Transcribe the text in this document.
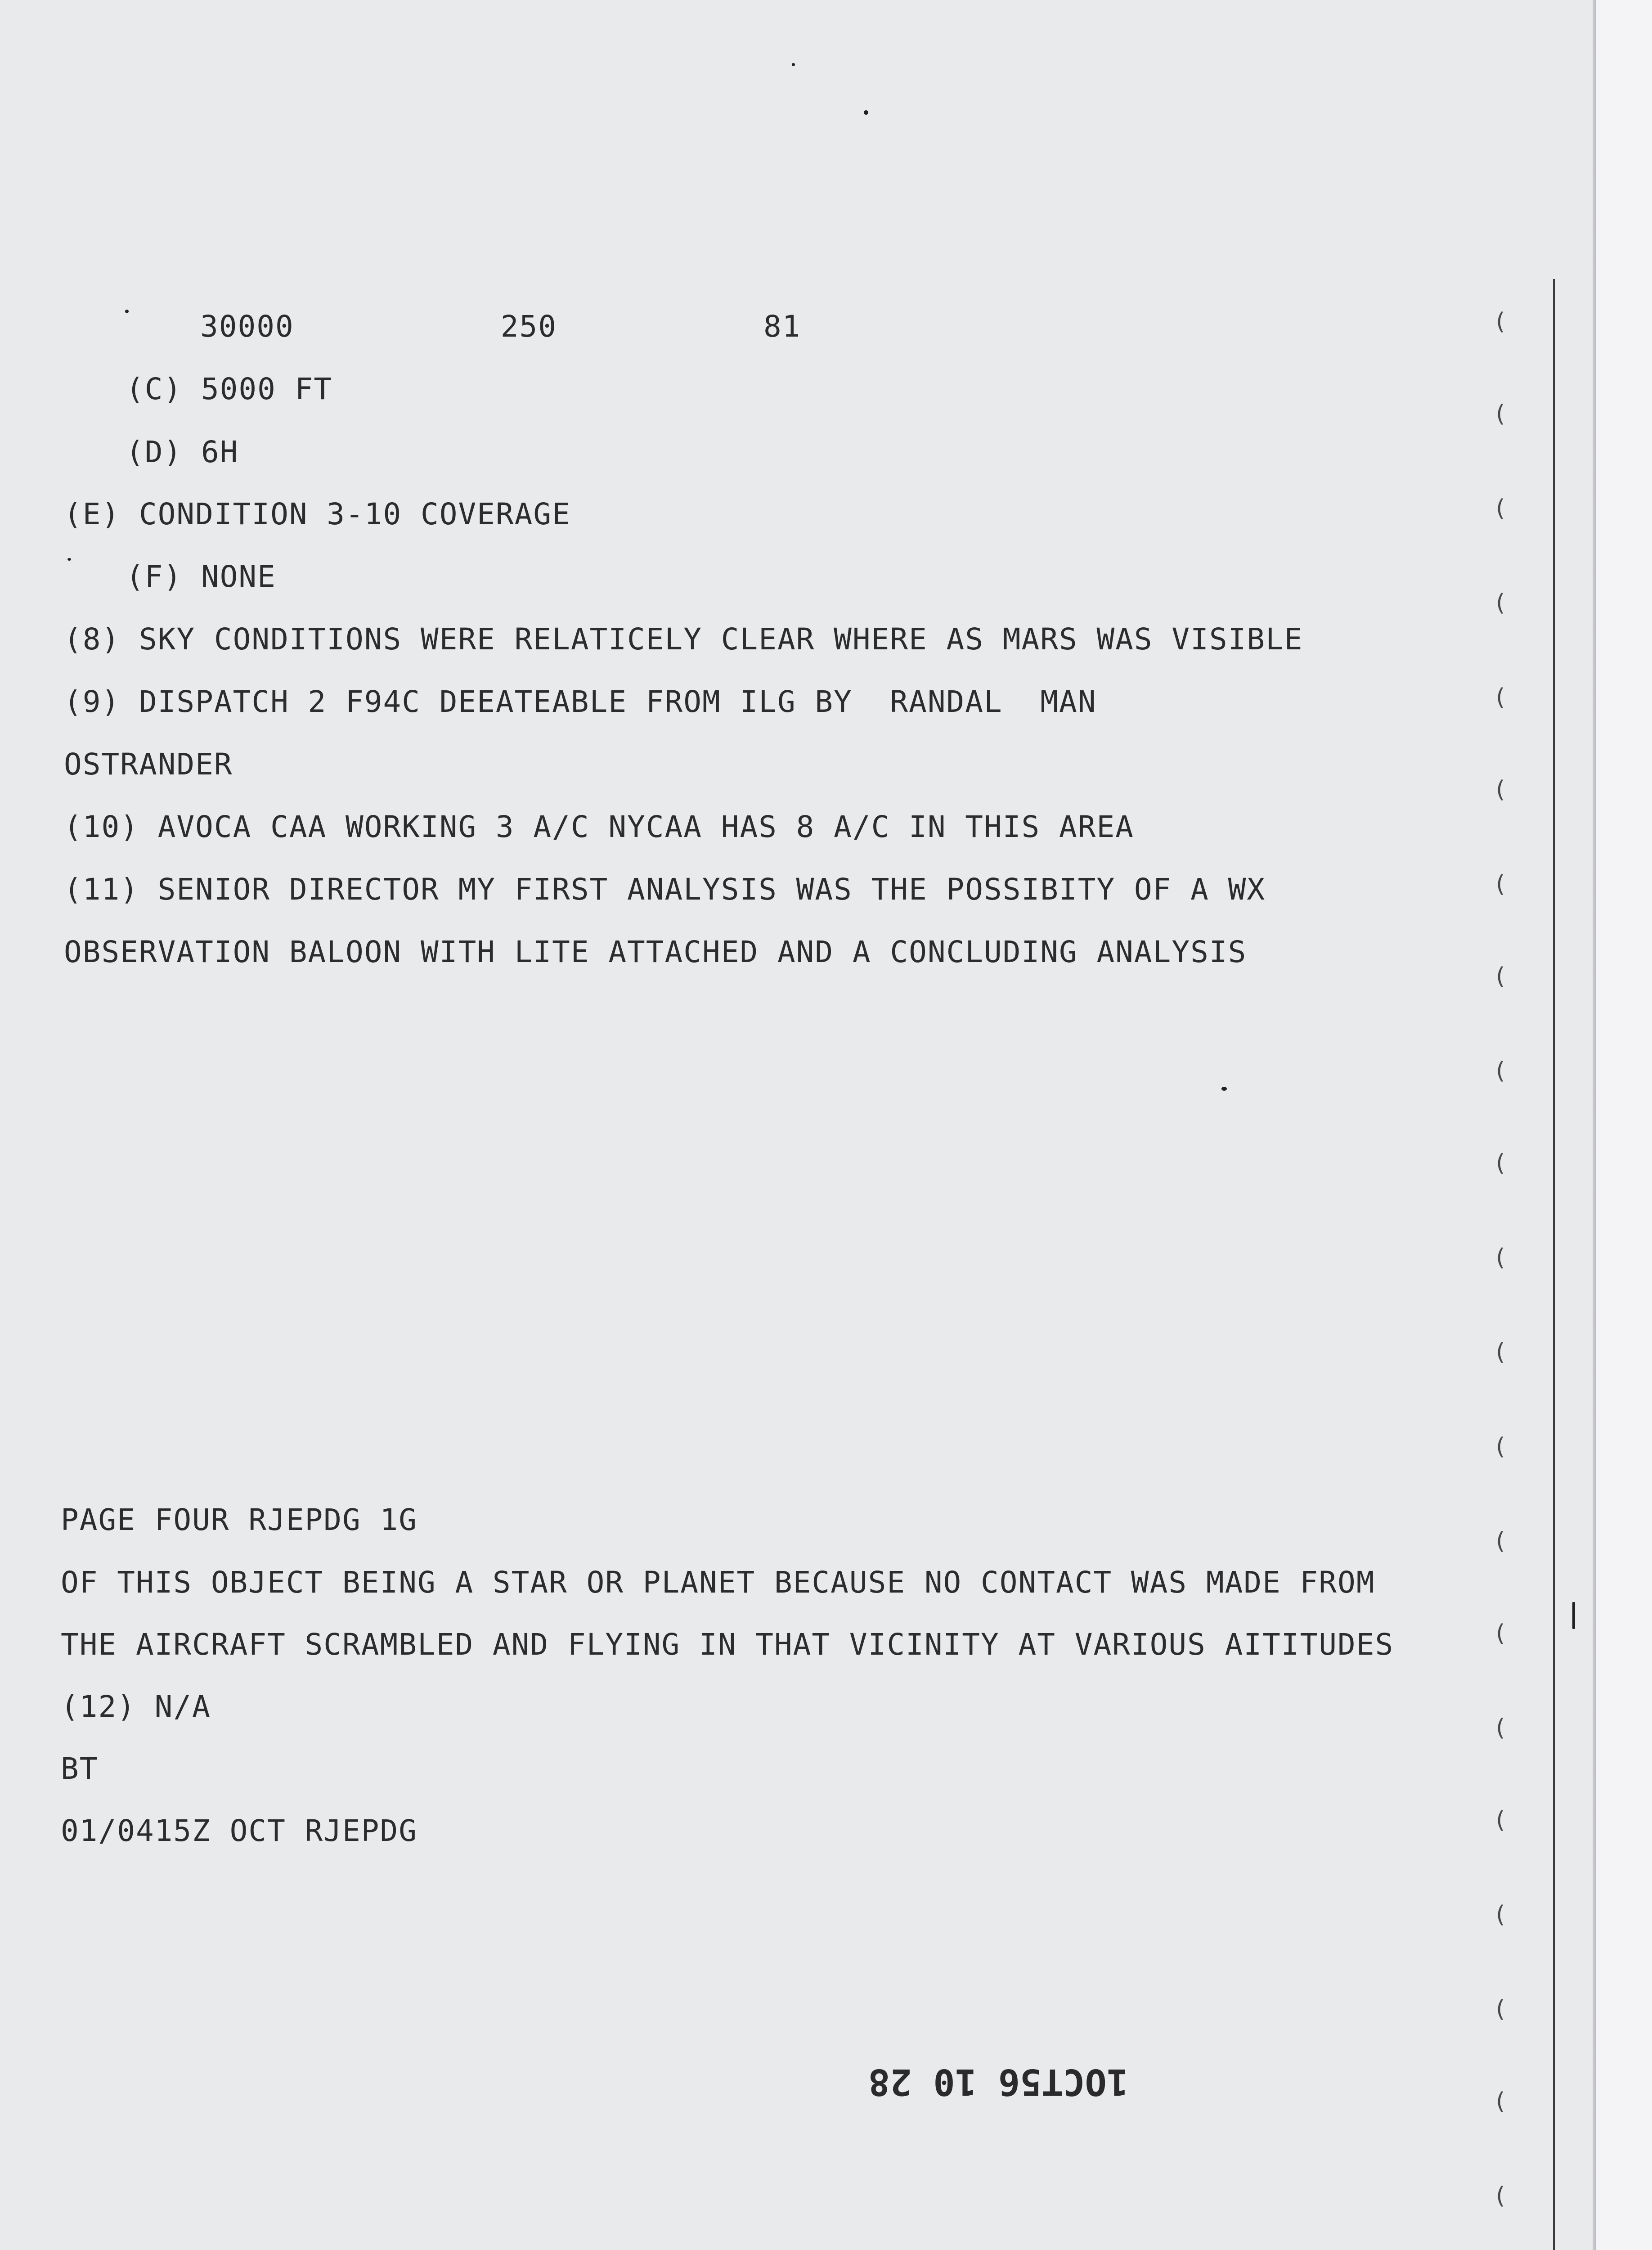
30000           250           81
(C) 5000 FT
(D) 6H
(E) CONDITION 3-10 COVERAGE
(F) NONE
(8) SKY CONDITIONS WERE RELATICELY CLEAR WHERE AS MARS WAS VISIBLE
(9) DISPATCH 2 F94C DEEATEABLE FROM ILG BY  RANDAL  MAN
OSTRANDER
(10) AVOCA CAA WORKING 3 A/C NYCAA HAS 8 A/C IN THIS AREA
(11) SENIOR DIRECTOR MY FIRST ANALYSIS WAS THE POSSIBITY OF A WX
OBSERVATION BALOON WITH LITE ATTACHED AND A CONCLUDING ANALYSIS
PAGE FOUR RJEPDG 1G
OF THIS OBJECT BEING A STAR OR PLANET BECAUSE NO CONTACT WAS MADE FROM
THE AIRCRAFT SCRAMBLED AND FLYING IN THAT VICINITY AT VARIOUS AITITUDES
(12) N/A
BT
01/0415Z OCT RJEPDG
1OCT56 10 28
(
(
(
(
(
(
(
(
(
(
(
(
(
(
(
(
(
(
(
(
(
